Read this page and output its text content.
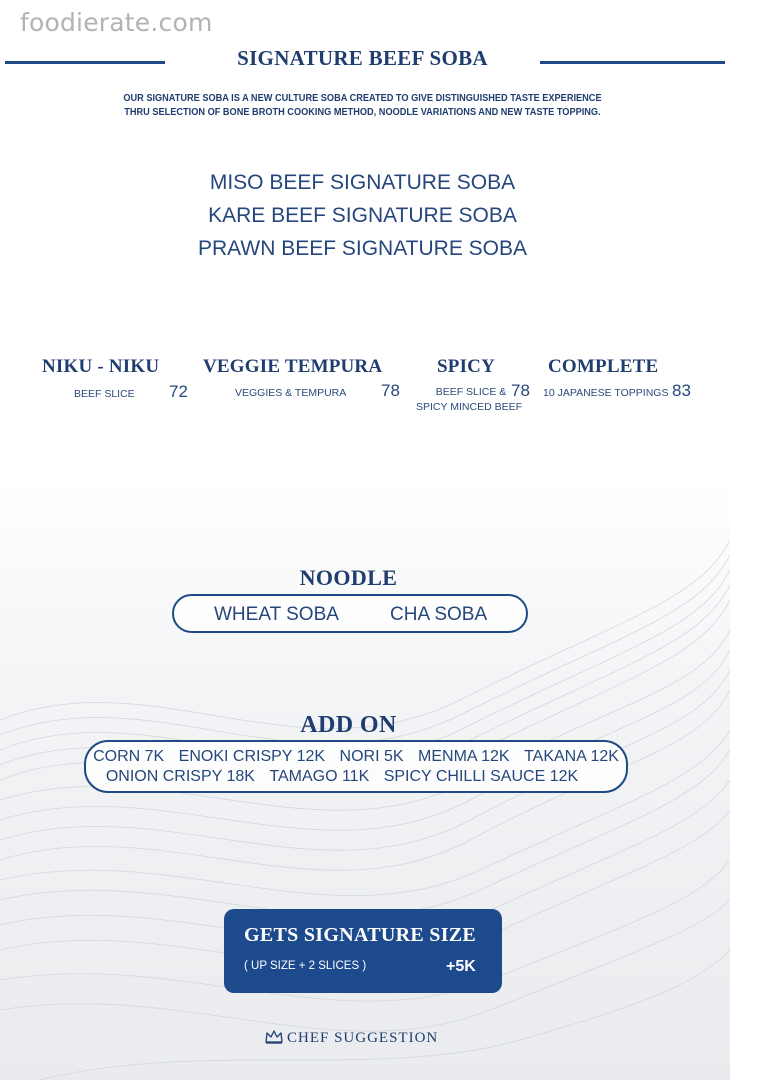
foodierate.com
SIGNATURE BEEF SOBA
OUR SIGNATURE SOBA IS A NEW CULTURE SOBA CREATED TO GIVE DISTINGUISHED TASTE EXPERIENCE
THRU SELECTION OF BONE BROTH COOKING METHOD, NOODLE VARIATIONS AND NEW TASTE TOPPING.
MISO BEEF SIGNATURE SOBA
KARE BEEF SIGNATURE SOBA
PRAWN BEEF SIGNATURE SOBA
NIKU - NIKU
BEEF SLICE 72
VEGGIE TEMPURA
VEGGIES & TEMPURA 78
SPICY
BEEF SLICE &
SPICY MINCED BEEF
78
COMPLETE
10 JAPANESE TOPPINGS 83
NOODLE
WHEAT SOBA	CHA SOBA
ADD ON
CORN 7K ENOKI CRISPY 12K NORI 5K MENMA 12K TAKANA 12K
ONION CRISPY 18K TAMAGO 11K SPICY CHILLI SAUCE 12K
GETS SIGNATURE SIZE
( UP SIZE + 2 SLICES )	+5K
CHEF SUGGESTION
